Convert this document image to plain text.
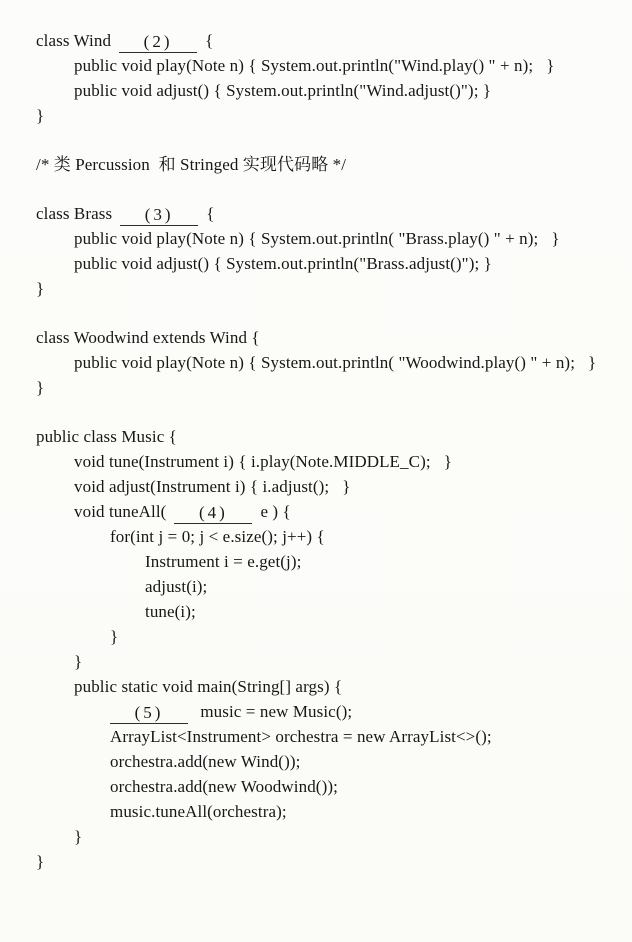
class Wind (2) {
public void play(Note n) { System.out.println("Wind.play() " + n);   }
public void adjust() { System.out.println("Wind.adjust()"); }
}
/* 类 Percussion  和 Stringed 实现代码略 */
class Brass (3) {
public void play(Note n) { System.out.println( "Brass.play() " + n);   }
public void adjust() { System.out.println("Brass.adjust()"); }
}
class Woodwind extends Wind {
public void play(Note n) { System.out.println( "Woodwind.play() " + n);   }
}
public class Music {
void tune(Instrument i) { i.play(Note.MIDDLE_C);   }
void adjust(Instrument i) { i.adjust();   }
void tuneAll( (4) e ) {
for(int j = 0; j < e.size(); j++) {
Instrument i = e.get(j);
adjust(i);
tune(i);
}
}
public static void main(String[] args) {
(5) music = new Music();
ArrayList<Instrument> orchestra = new ArrayList<>();
orchestra.add(new Wind());
orchestra.add(new Woodwind());
music.tuneAll(orchestra);
}
}
